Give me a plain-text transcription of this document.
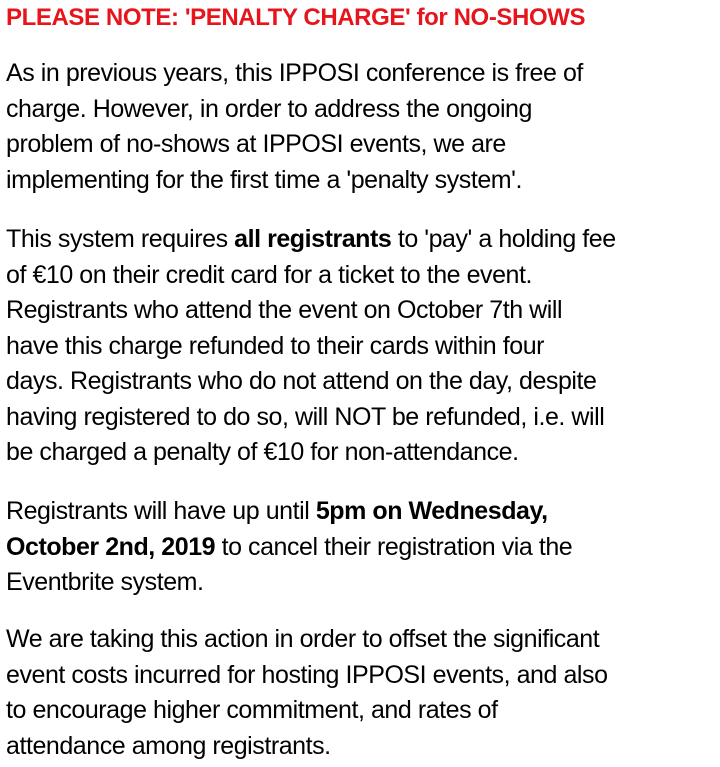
PLEASE NOTE: 'PENALTY CHARGE' for NO-SHOWS

As in previous years, this IPPOSI conference is free of
charge. However, in order to address the ongoing
problem of no-shows at IPPOSI events, we are
implementing for the first time a 'penalty system'.

This system requires all registrants to 'pay' a holding fee
of €10 on their credit card for a ticket to the event.
Registrants who attend the event on October 7th will
have this charge refunded to their cards within four
days. Registrants who do not attend on the day, despite
having registered to do so, will NOT be refunded, i.e. will
be charged a penalty of €10 for non-attendance.

Registrants will have up until 5pm on Wednesday,
October 2nd, 2019 to cancel their registration via the
Eventbrite system.

We are taking this action in order to offset the significant
event costs incurred for hosting IPPOSI events, and also
to encourage higher commitment, and rates of
attendance among registrants.
